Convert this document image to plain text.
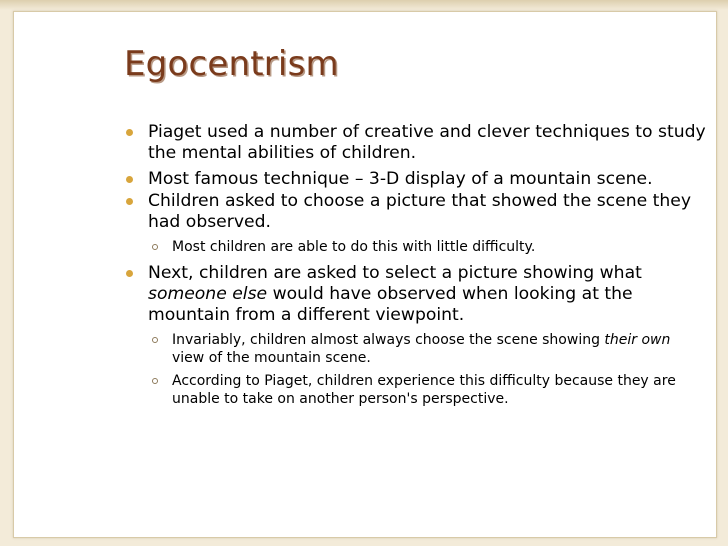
Egocentrism
Piaget used a number of creative and clever techniques to study the mental abilities of children.
Most famous technique – 3-D display of a mountain scene.
Children asked to choose a picture that showed the scene they had observed.
Most children are able to do this with little difficulty.
Next, children are asked to select a picture showing what someone else would have observed when looking at the mountain from a different viewpoint.
Invariably, children almost always choose the scene showing their own view of the mountain scene.
According to Piaget, children experience this difficulty because they are unable to take on another person's perspective.
